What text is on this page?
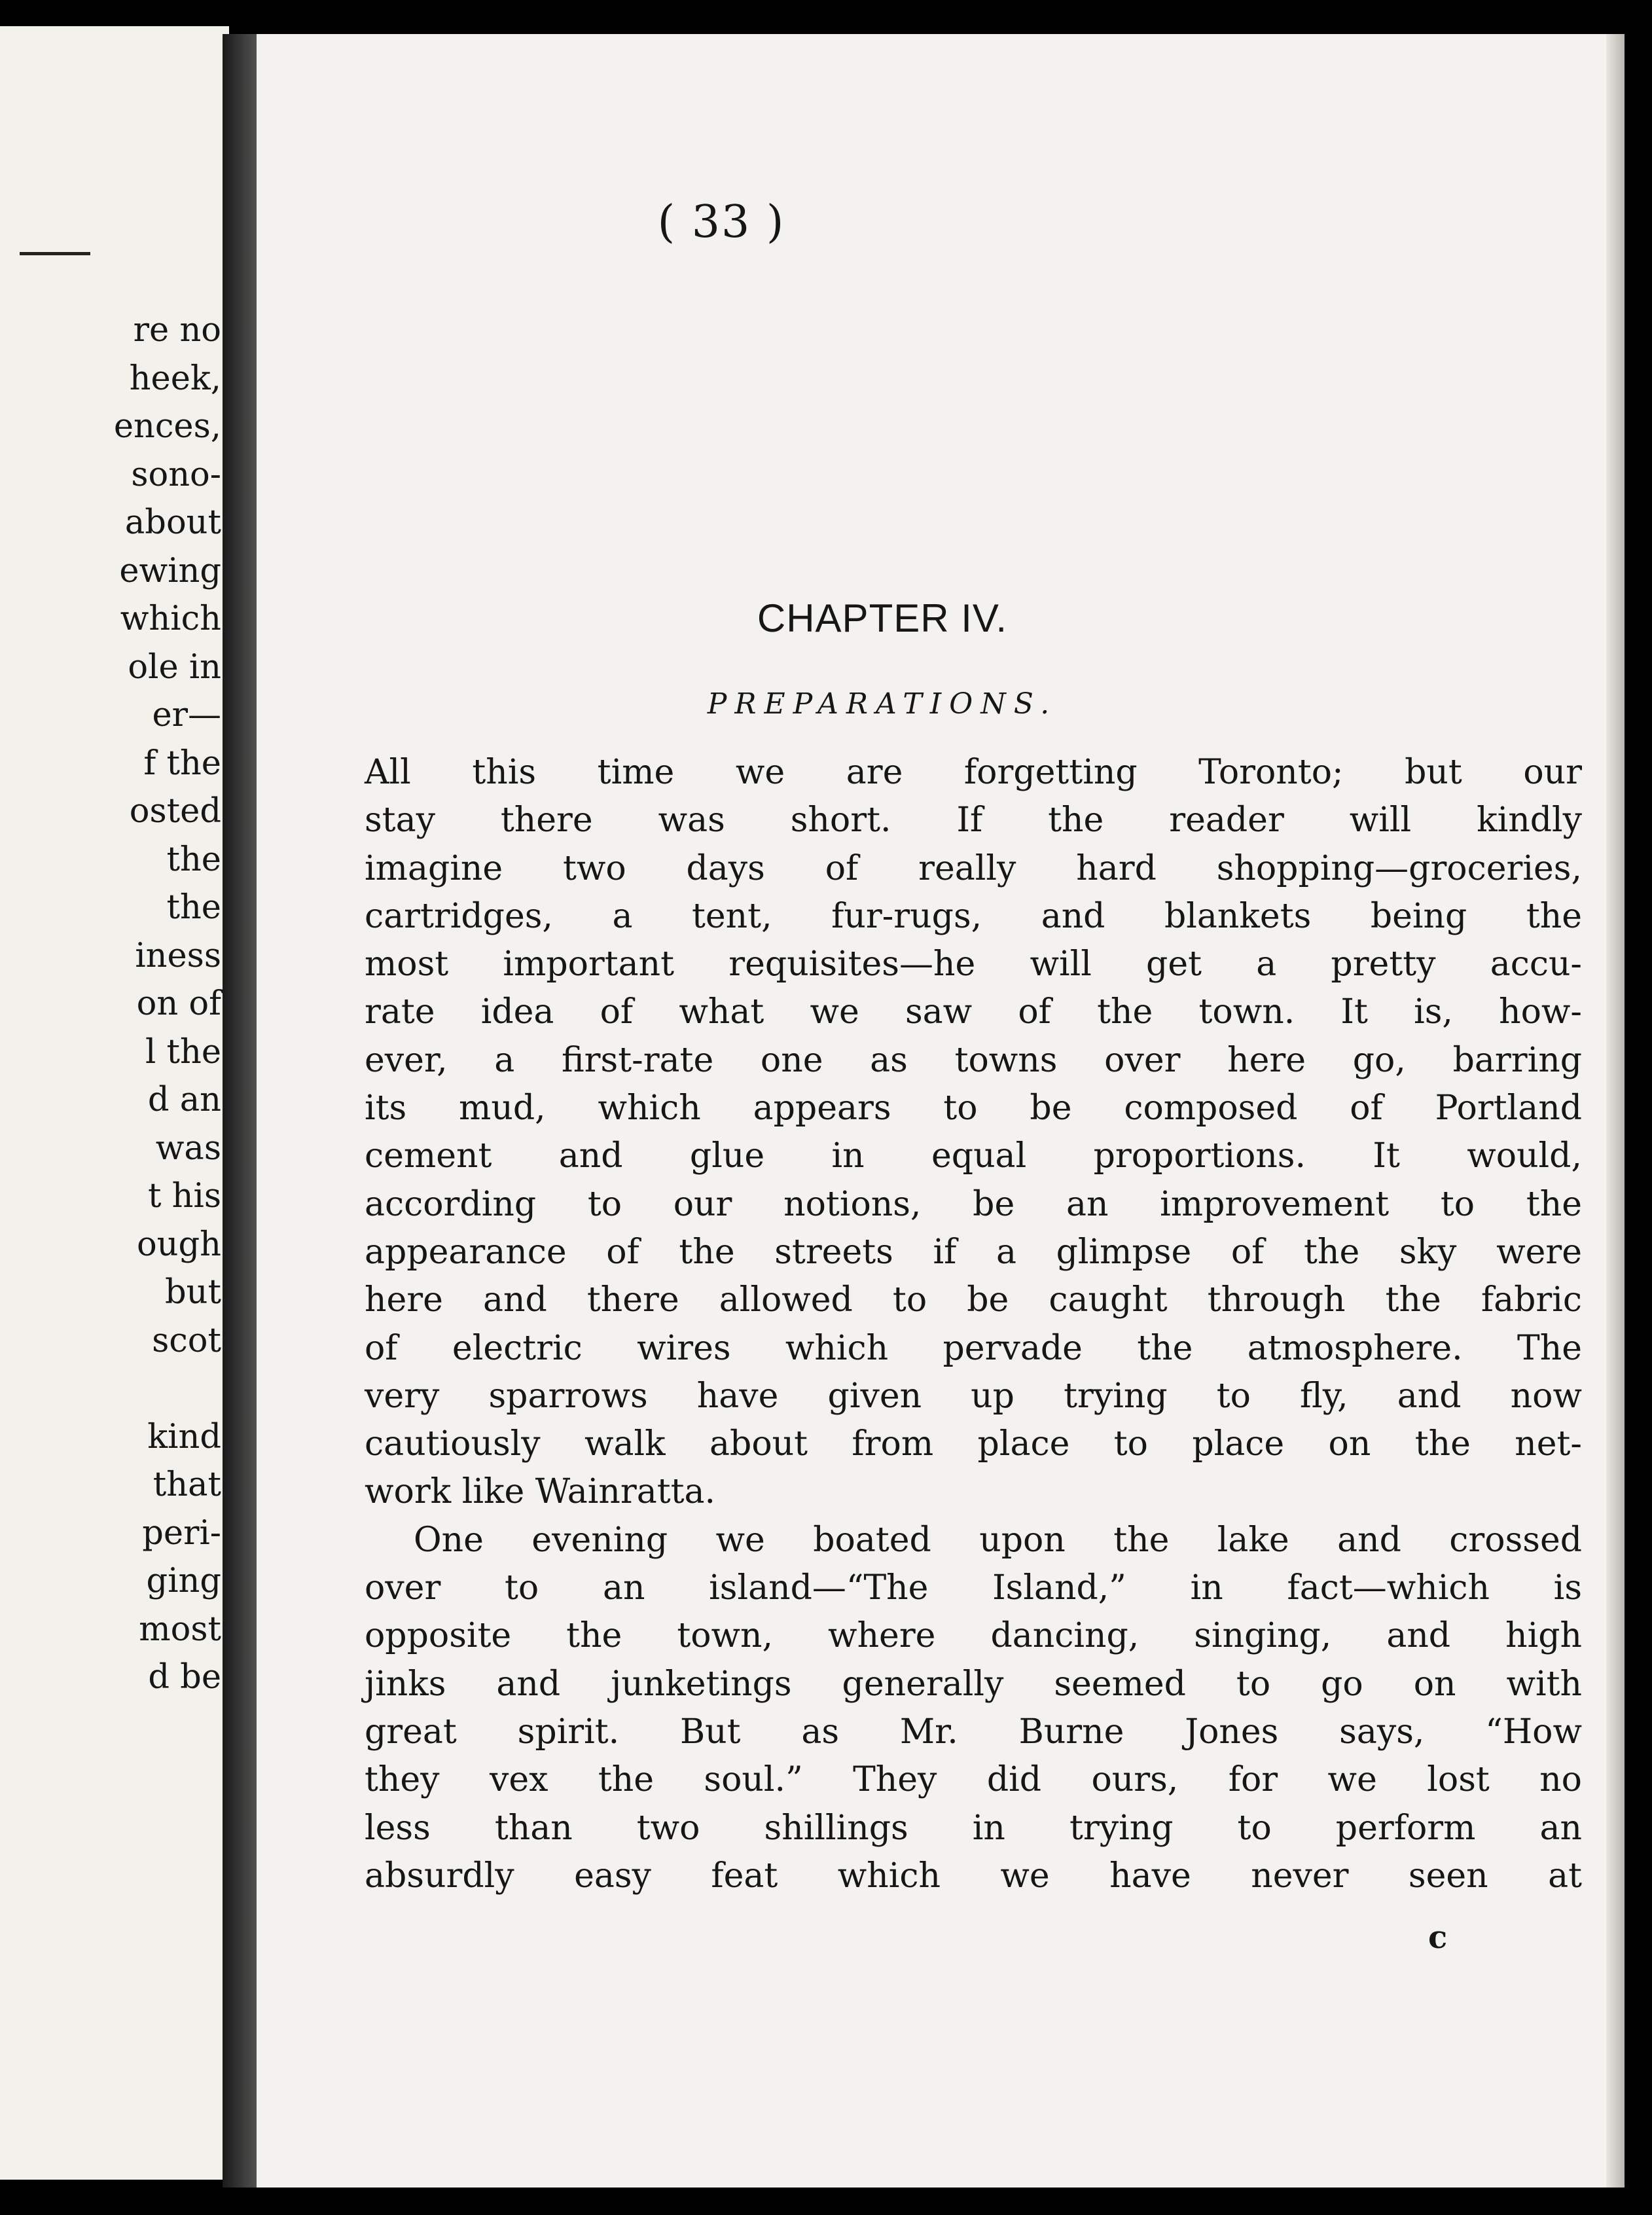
re no
heek,
ences,
sono-
about
ewing
which
ole in
er—
f the
osted
the
the
iness
on of
l the
d an
was
t his
ough
but
scot
kind
that
peri-
ging
most
d be
( 33 )
CHAPTER IV.
PREPARATIONS.
All this time we are forgetting Toronto; but our
stay there was short. If the reader will kindly
imagine two days of really hard shopping—groceries,
cartridges, a tent, fur-rugs, and blankets being the
most important requisites—he will get a pretty accu-
rate idea of what we saw of the town. It is, how-
ever, a first-rate one as towns over here go, barring
its mud, which appears to be composed of Portland
cement and glue in equal proportions. It would,
according to our notions, be an improvement to the
appearance of the streets if a glimpse of the sky were
here and there allowed to be caught through the fabric
of electric wires which pervade the atmosphere. The
very sparrows have given up trying to fly, and now
cautiously walk about from place to place on the net-
work like Wainratta.
One evening we boated upon the lake and crossed
over to an island—“The Island,” in fact—which is
opposite the town, where dancing, singing, and high
jinks and junketings generally seemed to go on with
great spirit. But as Mr. Burne Jones says, “How
they vex the soul.” They did ours, for we lost no
less than two shillings in trying to perform an
absurdly easy feat which we have never seen at
c
